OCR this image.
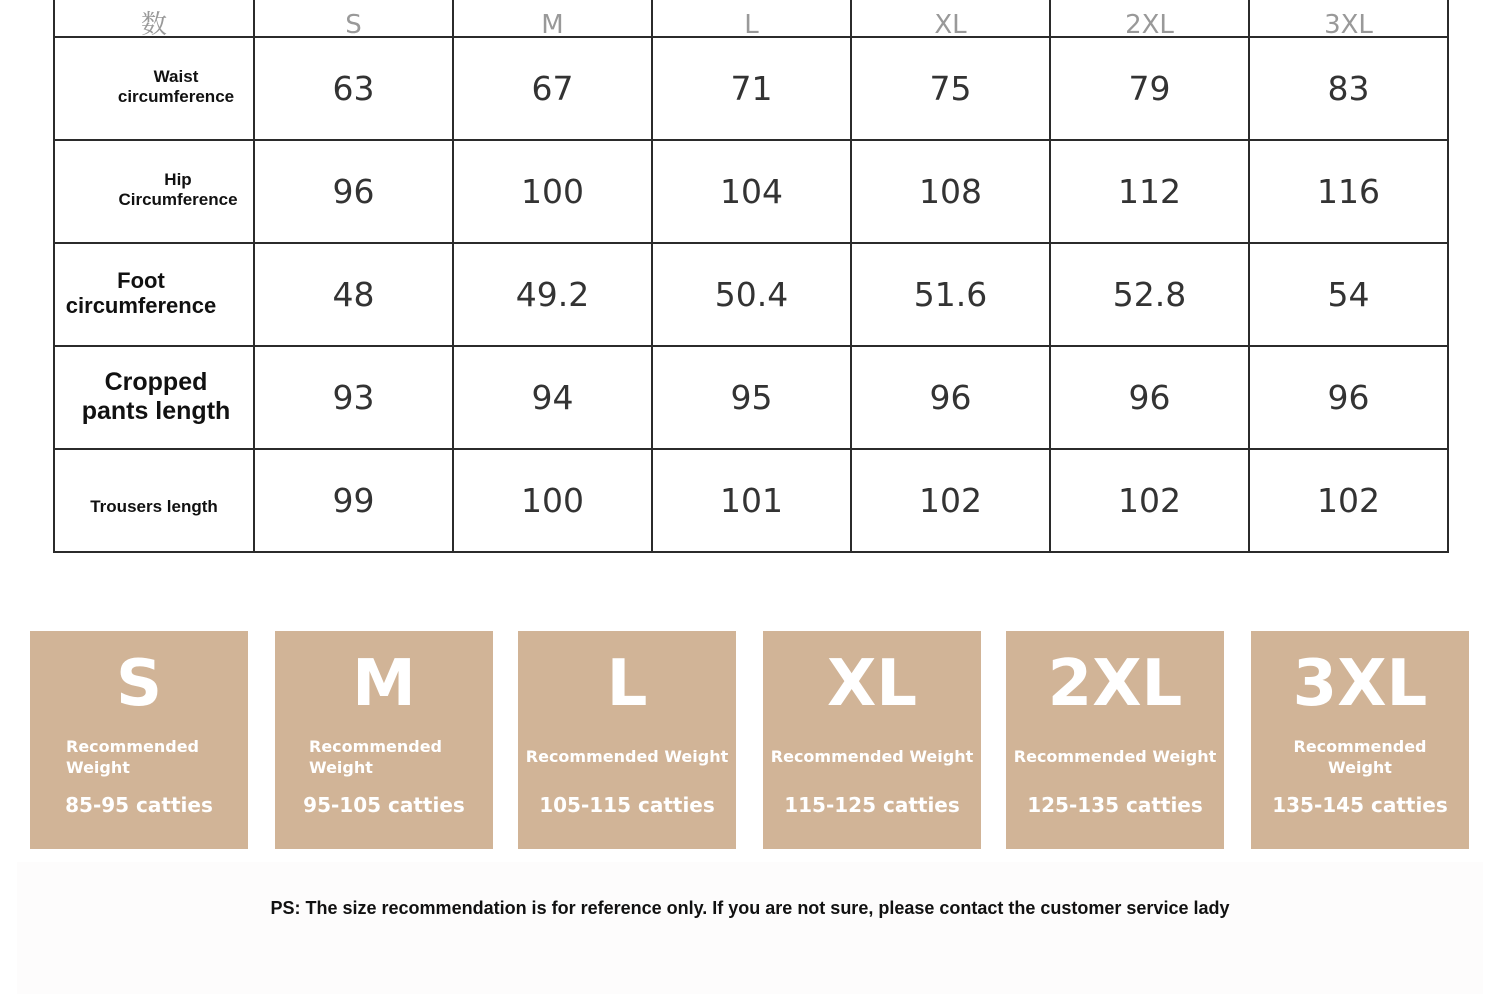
$_数$	$_S$	$_M$	$_L$	$_{XL}$	$_{2XL}$	$_{3XL}$
Waist circumference	63	67	71	75	79	83
Hip Circumference	96	100	104	108	112	116
Foot circumference	48	49.2	50.4	51.6	52.8	54
Cropped pants length	93	94	95	96	96	96
Trousers length	99	100	101	102	102	102
S
Recommended Weight
85-95 catties
M
Recommended Weight
95-105 catties
L
Recommended Weight
105-115 catties
XL
Recommended Weight
115-125 catties
2XL
Recommended Weight
125-135 catties
3XL
Recommended Weight
135-145 catties
PS: The size recommendation is for reference only. If you are not sure, please contact the customer service lady
